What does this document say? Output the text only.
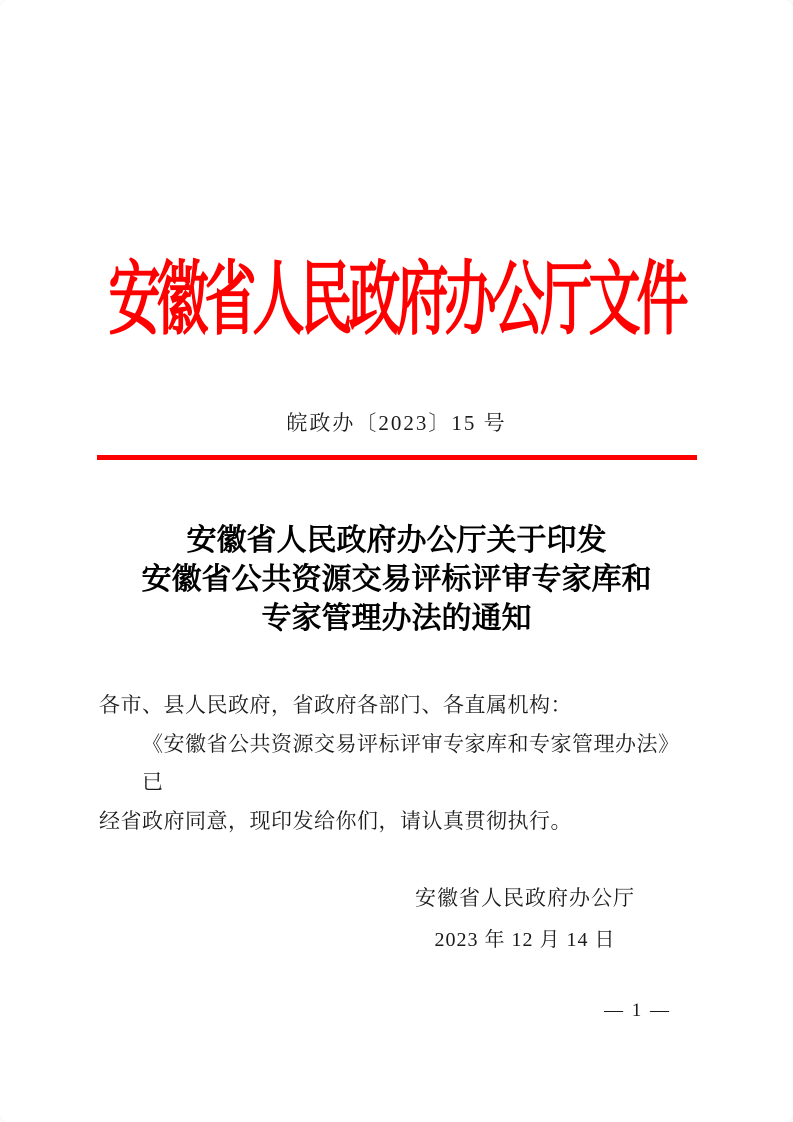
安徽省人民政府办公厅文件
皖政办〔2023〕15 号
安徽省人民政府办公厅关于印发
安徽省公共资源交易评标评审专家库和
专家管理办法的通知
各市、县人民政府，省政府各部门、各直属机构：
《安徽省公共资源交易评标评审专家库和专家管理办法》已
经省政府同意，现印发给你们，请认真贯彻执行。
安徽省人民政府办公厅
2023 年 12 月 14 日
— 1 —
